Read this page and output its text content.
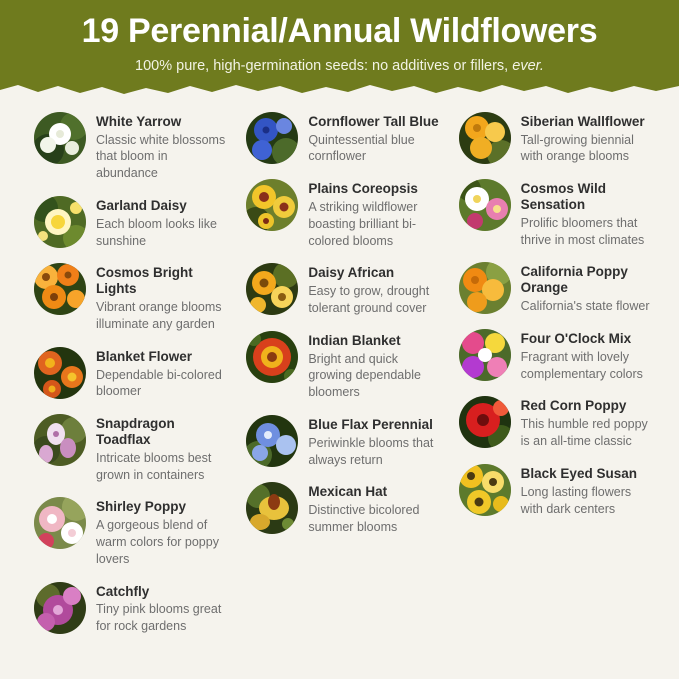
19 Perennial/Annual Wildflowers

100% pure, high-germination seeds: no additives or fillers, ever.

White Yarrow

Classic white blossoms that bloom in abundance

Garland Daisy

Each bloom looks like sunshine

Cosmos Bright Lights

Vibrant orange blooms illuminate any garden

Blanket Flower

Dependable bi-colored bloomer

Snapdragon Toadflax

Intricate blooms best grown in containers

Shirley Poppy

A gorgeous blend of warm colors for poppy lovers

Catchfly

Tiny pink blooms great for rock gardens

Cornflower Tall Blue

Quintessential blue cornflower

Plains Coreopsis

A striking wildflower boasting brilliant bi-colored blooms

Daisy African

Easy to grow, drought tolerant ground cover

Indian Blanket

Bright and quick growing dependable bloomers

Blue Flax Perennial

Periwinkle blooms that always return

Mexican Hat

Distinctive bicolored summer blooms

Siberian Wallflower

Tall-growing biennial with orange blooms

Cosmos Wild Sensation

Prolific bloomers that thrive in most climates

California Poppy Orange

California's state flower

Four O'Clock Mix

Fragrant with lovely complementary colors

Red Corn Poppy

This humble red poppy is an all-time classic

Black Eyed Susan

Long lasting flowers with dark centers
